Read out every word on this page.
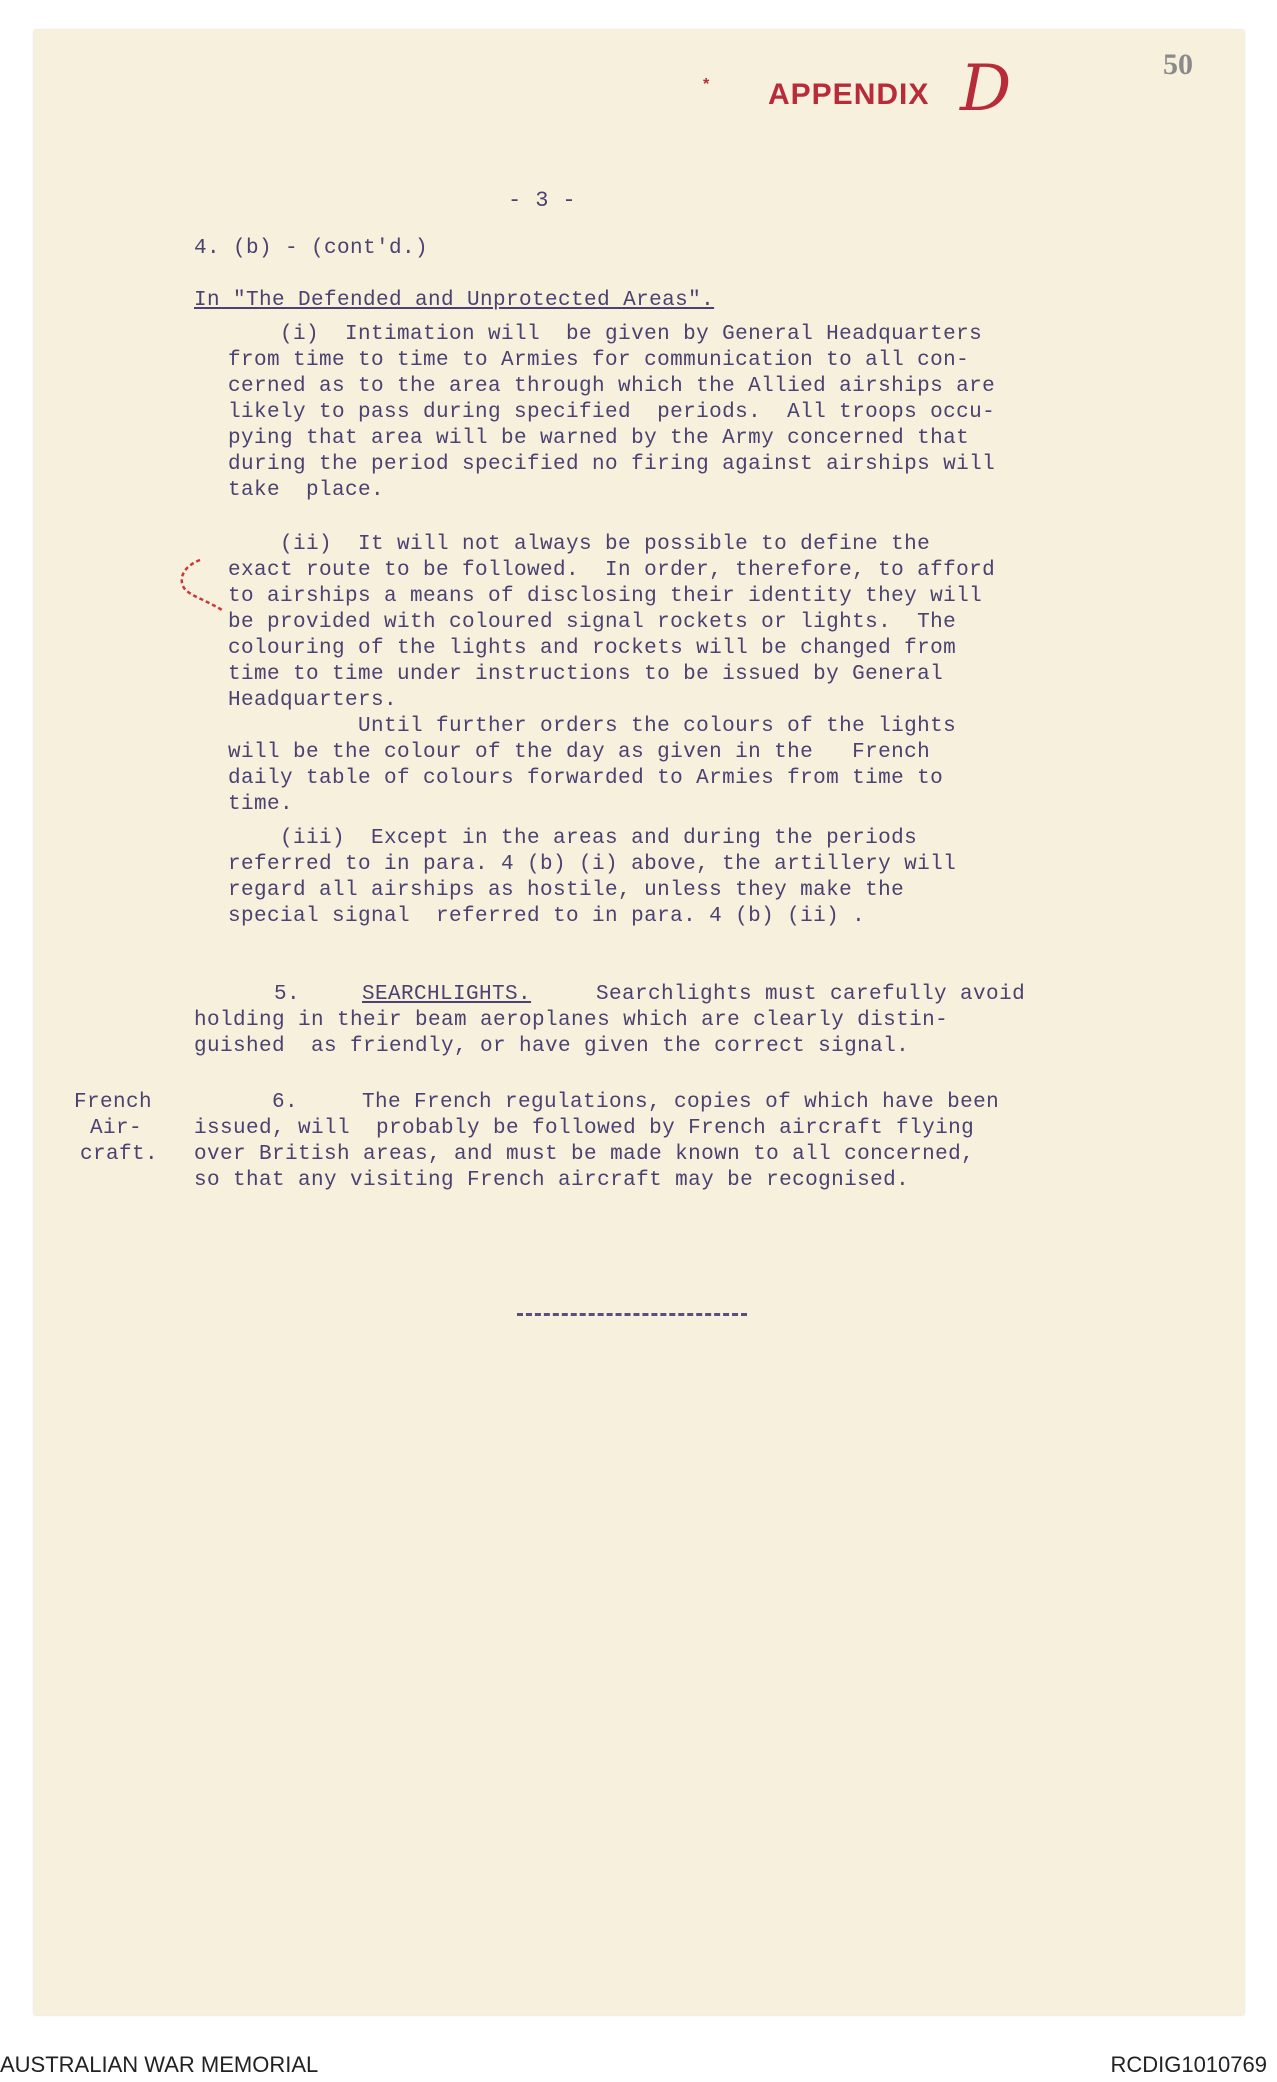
50
* APPENDIX D
- 3 -
4. (b) - (cont'd.)
In "The Defended and Unprotected Areas".
(i)  Intimation will  be given by General Headquarters
from time to time to Armies for communication to all con-
cerned as to the area through which the Allied airships are
likely to pass during specified  periods.  All troops occu-
pying that area will be warned by the Army concerned that
during the period specified no firing against airships will
take  place.
(ii)  It will not always be possible to define the
exact route to be followed.  In order, therefore, to afford
to airships a means of disclosing their identity they will
be provided with coloured signal rockets or lights.  The
colouring of the lights and rockets will be changed from
time to time under instructions to be issued by General
Headquarters.
Until further orders the colours of the lights
will be the colour of the day as given in the   French
daily table of colours forwarded to Armies from time to
time.
(iii)  Except in the areas and during the periods
referred to in para. 4 (b) (i) above, the artillery will
regard all airships as hostile, unless they make the
special signal  referred to in para. 4 (b) (ii) .
5.	SEARCHLIGHTS.	Searchlights must carefully avoid
holding in their beam aeroplanes which are clearly distin-
guished  as friendly, or have given the correct signal.
French
Air-
craft.
6.	The French regulations, copies of which have been
issued, will  probably be followed by French aircraft flying
over British areas, and must be made known to all concerned,
so that any visiting French aircraft may be recognised.
AUSTRALIAN WAR MEMORIAL	RCDIG1010769
